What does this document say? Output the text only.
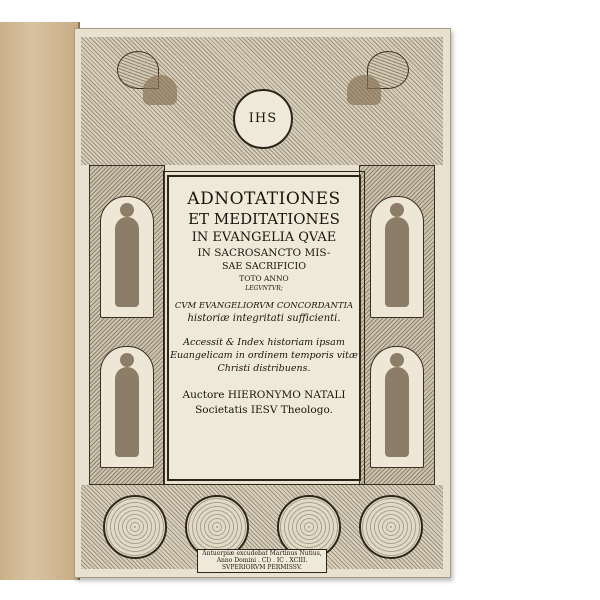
IHS
ADNOTATIONES
ET MEDITATIONES
IN EVANGELIA QVAE
IN SACROSANCTO MIS-
SAE SACRIFICIO
TOTO ANNO
LEGVNTVR;
CVM EVANGELIORVM CONCORDANTIA
historiæ integritati sufficienti.
Accessit & Index historiam ipsam
Euangelicam in ordinem temporis vitæ
Christi distribuens.
Auctore HIERONYMO NATALI
Societatis IESV Theologo.
Antuerpiæ excudebat Martinus Nutius,
Anno Domini . CI) . IC . XCIII.
SVPERIORVM PERMISSV.
